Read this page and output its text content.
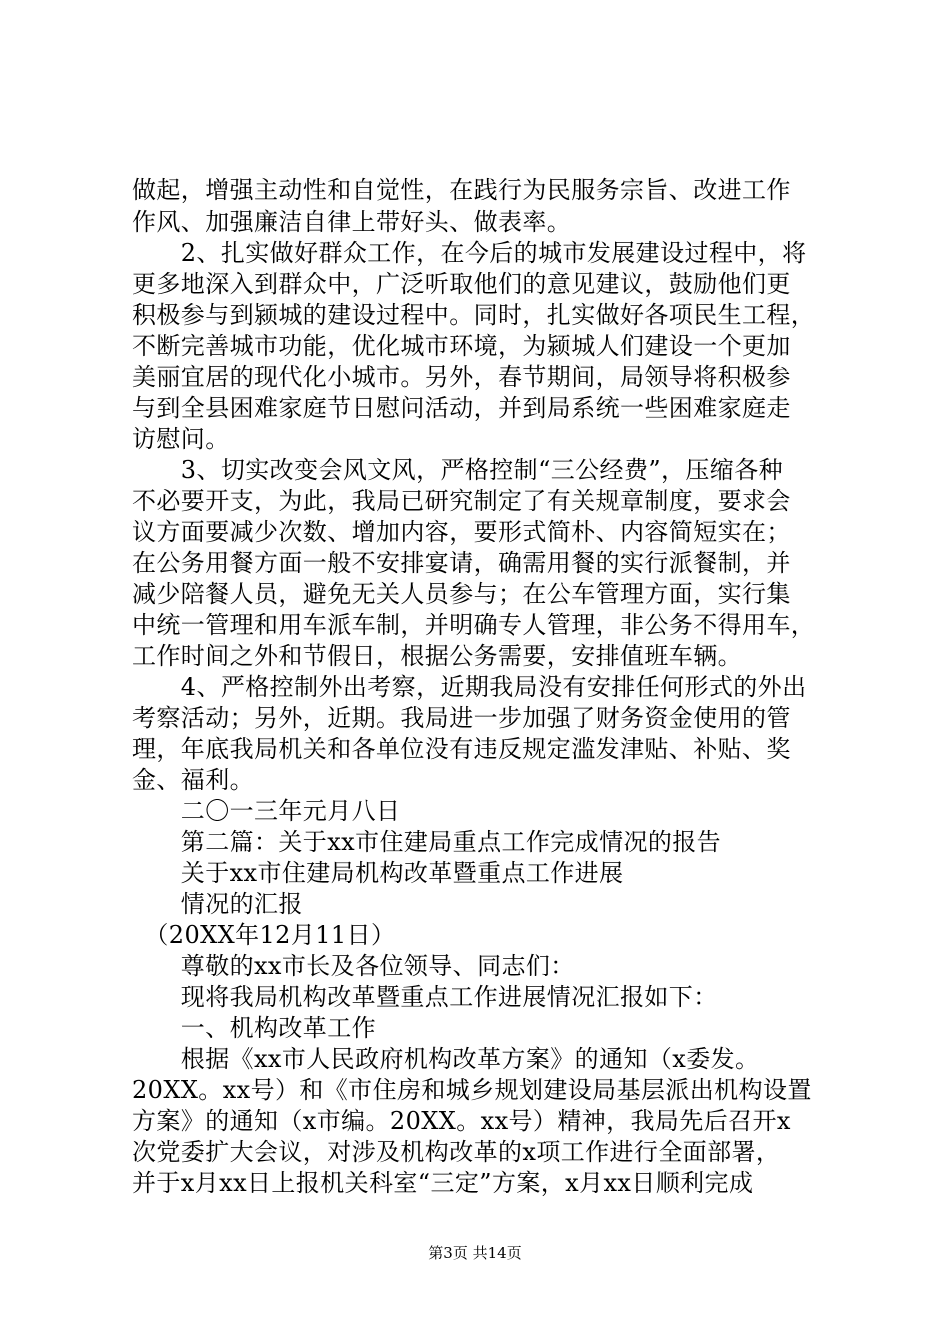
做起，增强主动性和自觉性，在践行为民服务宗旨、改进工作
作风、加强廉洁自律上带好头、做表率。
　　2、扎实做好群众工作，在今后的城市发展建设过程中，将
更多地深入到群众中，广泛听取他们的意见建议，鼓励他们更
积极参与到颍城的建设过程中。同时，扎实做好各项民生工程，
不断完善城市功能，优化城市环境，为颍城人们建设一个更加
美丽宜居的现代化小城市。另外，春节期间，局领导将积极参
与到全县困难家庭节日慰问活动，并到局系统一些困难家庭走
访慰问。
　　3、切实改变会风文风，严格控制“三公经费”，压缩各种
不必要开支，为此，我局已研究制定了有关规章制度，要求会
议方面要减少次数、增加内容，要形式简朴、内容简短实在；
在公务用餐方面一般不安排宴请，确需用餐的实行派餐制，并
减少陪餐人员，避免无关人员参与；在公车管理方面，实行集
中统一管理和用车派车制，并明确专人管理，非公务不得用车，
工作时间之外和节假日，根据公务需要，安排值班车辆。
　　4、严格控制外出考察，近期我局没有安排任何形式的外出
考察活动；另外，近期。我局进一步加强了财务资金使用的管
理，年底我局机关和各单位没有违反规定滥发津贴、补贴、奖
金、福利。
　　二〇一三年元月八日
　　第二篇：关于xx市住建局重点工作完成情况的报告
　　关于xx市住建局机构改革暨重点工作进展
　　情况的汇报
　（20XX年12月11日）
　　尊敬的xx市长及各位领导、同志们：
　　现将我局机构改革暨重点工作进展情况汇报如下：
　　一、机构改革工作
　　根据《xx市人民政府机构改革方案》的通知（x委发。
20XX。xx号）和《市住房和城乡规划建设局基层派出机构设置
方案》的通知（x市编。20XX。xx号）精神，我局先后召开x
次党委扩大会议，对涉及机构改革的x项工作进行全面部署，
并于x月xx日上报机关科室“三定”方案，x月xx日顺利完成
第3页 共14页
